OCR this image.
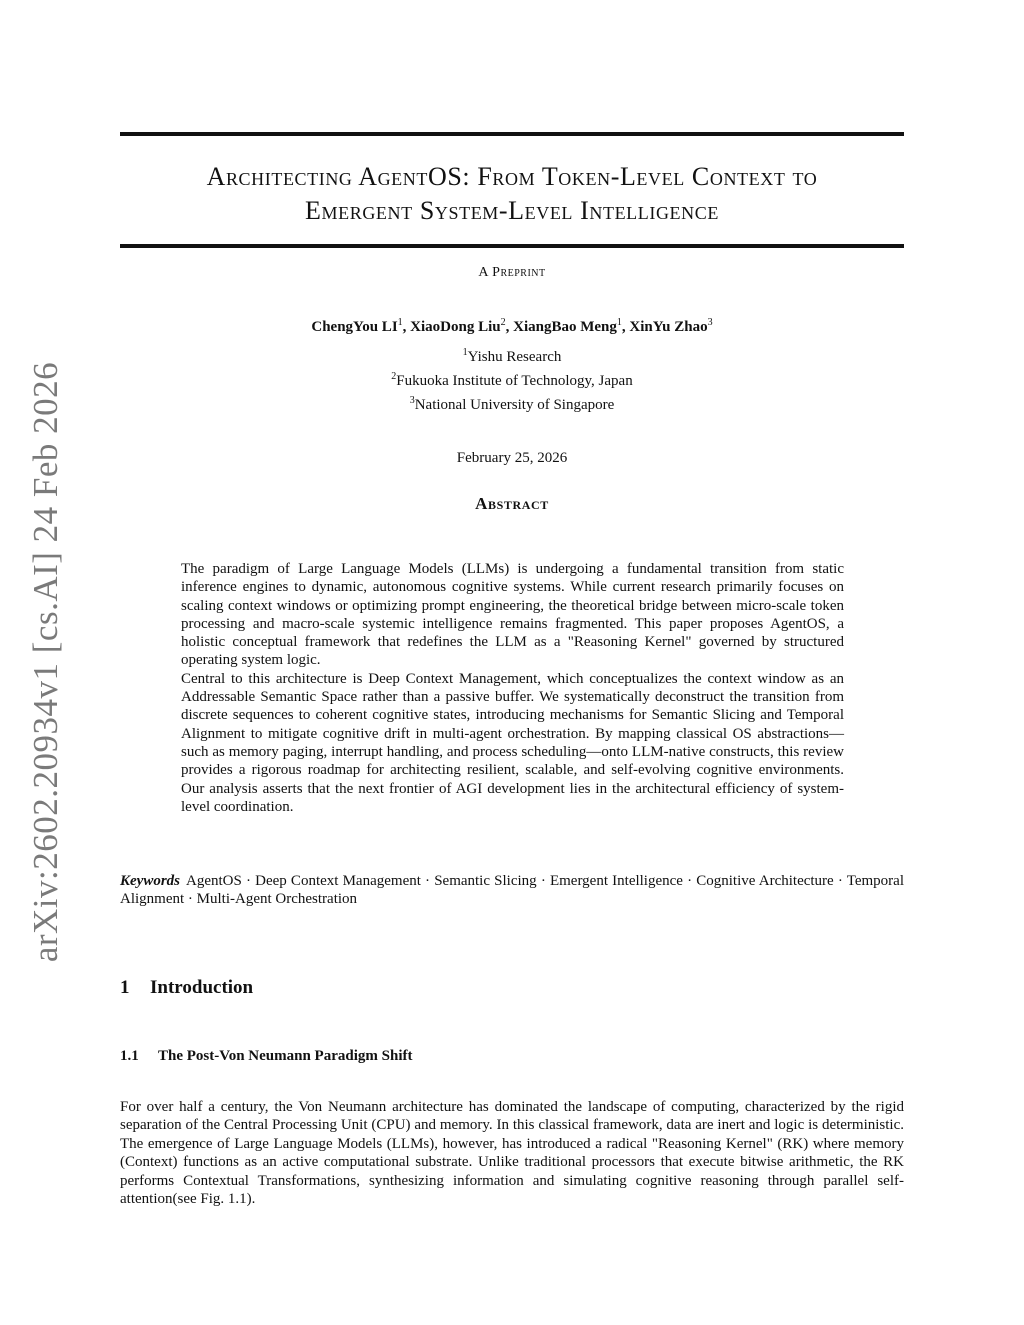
arXiv:2602.20934v1 [cs.AI] 24 Feb 2026
Architecting AgentOS: From Token-Level Context to
Emergent System-Level Intelligence
A Preprint
ChengYou $LI^1$, XiaoDong Liu$^2$, XiangBao Meng$^1$, XinYu Zhao$^3$
$^1$Yishu Research
$^2$Fukuoka Institute of Technology, Japan
$^3$National University of Singapore
February 25, 2026
Abstract

The paradigm of Large Language Models (LLMs) is undergoing a fundamental transition from static inference engines to dynamic, autonomous cognitive systems. While current research primarily focuses on scaling context windows or optimizing prompt engineering, the theoretical bridge between micro-scale token processing and macro-scale systemic intelligence remains fragmented. This paper proposes AgentOS, a holistic conceptual framework that redefines the LLM as a "Reasoning Kernel" governed by structured operating system logic.

Central to this architecture is Deep Context Management, which conceptualizes the context window as an Addressable Semantic Space rather than a passive buffer. We systematically deconstruct the transition from discrete sequences to coherent cognitive states, introducing mechanisms for Semantic Slicing and Temporal Alignment to mitigate cognitive drift in multi-agent orchestration. By mapping classical OS abstractions—such as memory paging, interrupt handling, and process scheduling—onto LLM-native constructs, this review provides a rigorous roadmap for architecting resilient, scalable, and self-evolving cognitive environments. Our analysis asserts that the next frontier of AGI development lies in the architectural efficiency of system-level coordination.

Keywords AgentOS · Deep Context Management · Semantic Slicing · Emergent Intelligence · Cognitive Architecture · Temporal Alignment · Multi-Agent Orchestration
1 Introduction
1.1 The Post-Von Neumann Paradigm Shift

For over half a century, the Von Neumann architecture has dominated the landscape of computing, characterized by the rigid separation of the Central Processing Unit (CPU) and memory. In this classical framework, data are inert and logic is deterministic. The emergence of Large Language Models (LLMs), however, has introduced a radical "Reasoning Kernel" (RK) where memory (Context) functions as an active computational substrate. Unlike traditional processors that execute bitwise arithmetic, the RK performs Contextual Transformations, synthesizing information and simulating cognitive reasoning through parallel self-attention(see Fig. 1.1).
